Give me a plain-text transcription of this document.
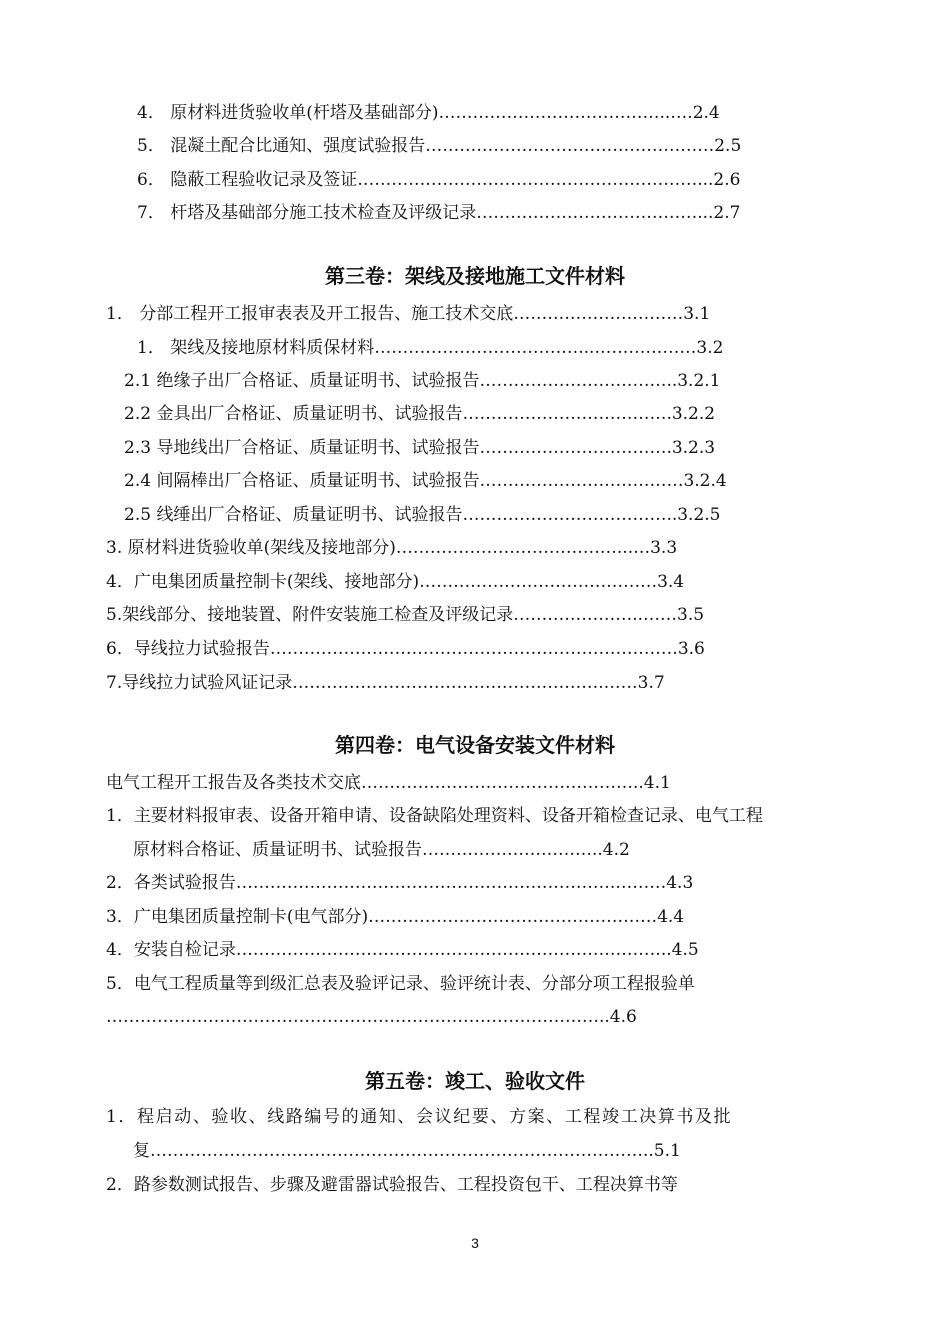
4． 原材料进货验收单(杆塔及基础部分)…………………………………..….2.4
5． 混凝土配合比通知、强度试验报告……………………………………………2.5
6． 隐蔽工程验收记录及签证……………………………………………………...2.6
7． 杆塔及基础部分施工技术检查及评级记录…………………………………...2.7
第三卷：架线及接地施工文件材料
1． 分部工程开工报审表表及开工报告、施工技术交底…………………………3.1
1． 架线及接地原材料质保材料………………………………...………………3.2
2.1 绝缘子出厂合格证、质量证明书、试验报告……………………………..3.2.1
2.2 金具出厂合格证、质量证明书、试验报告……………………………….3.2.2
2.3 导地线出厂合格证、质量证明书、试验报告…………………………….3.2.3
2.4 间隔棒出厂合格证、质量证明书、试验报告………………………………3.2.4
2.5 线缍出厂合格证、质量证明书、试验报告………………………………..3.2.5
3. 原材料进货验收单(架线及接地部分)…………………………………...…3.3
4．广电集团质量控制卡(架线、接地部分)……………………………………3.4
5.架线部分、接地装置、附件安装施工检查及评级记录…………………..……3.5
6．导线拉力试验报告………………………………………………………………3.6
7.导线拉力试验风证记录……………………………………………….……3.7
第四卷：电气设备安装文件材料
电气工程开工报告及各类技术交底…………………………………………..4.1
1．主要材料报审表、设备开箱申请、设备缺陷处理资料、设备开箱检查记录、电气工程
原材料合格证、质量证明书、试验报告…………………………..4.2
2．各类试验报告………………………………………………………….………4.3
3．广电集团质量控制卡(电气部分)……………………………………………4.4
4．安装自检记录…………………………………………………………………..4.5
5．电气工程质量等到级汇总表及验评记录、验评统计表、分部分项工程报验单
……………………………………………………………………………..4.6
第五卷：竣工、验收文件
1．程启动、验收、线路编号的通知、会议纪要、方案、工程竣工决算书及批
复……………………………………………………………………………..5.1
2．路参数测试报告、步骤及避雷器试验报告、工程投资包干、工程决算书等
3
